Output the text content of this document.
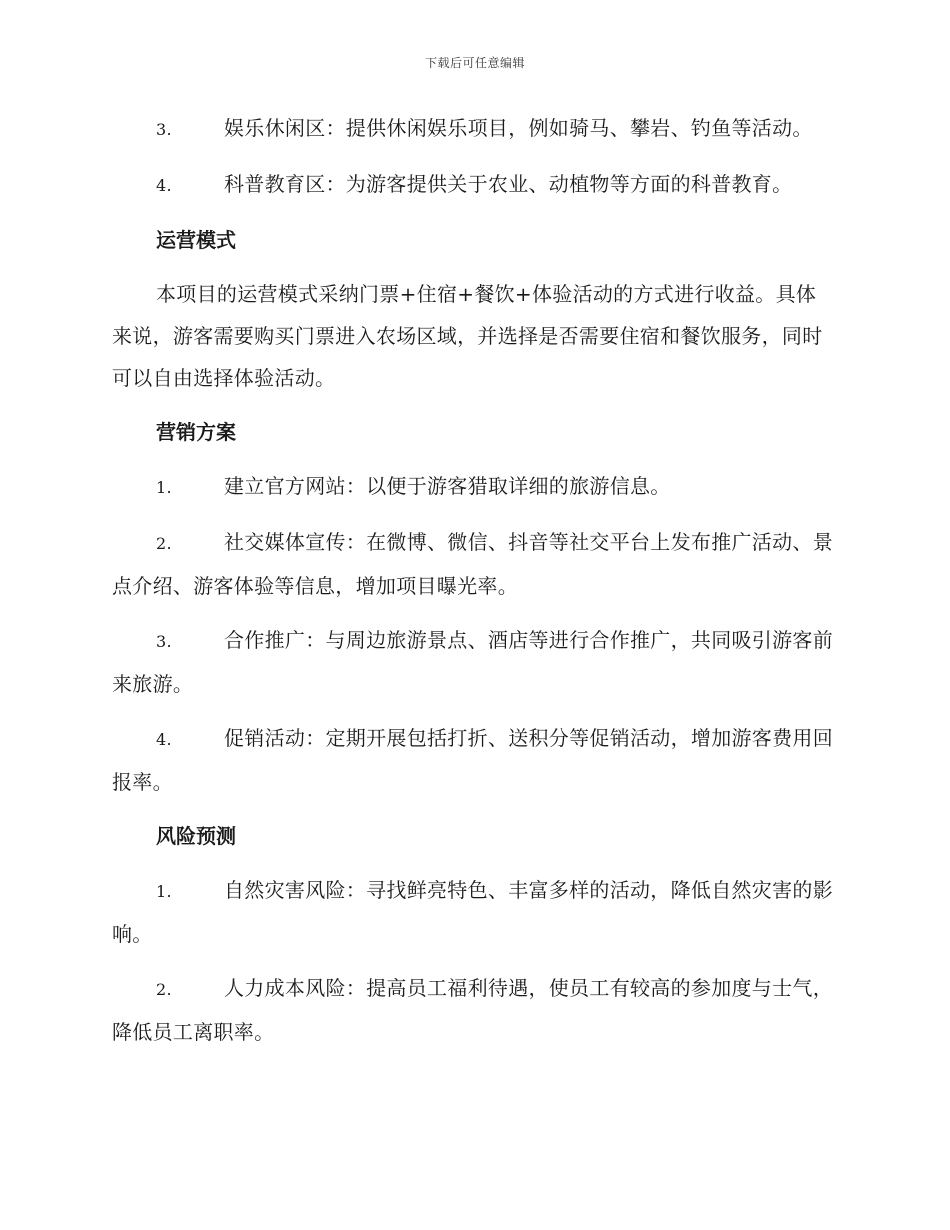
下载后可任意编辑

3.	娱乐休闲区：提供休闲娱乐项目，例如骑马、攀岩、钓鱼等活动。

4.	科普教育区：为游客提供关于农业、动植物等方面的科普教育。

运营模式

本项目的运营模式采纳门票+住宿+餐饮+体验活动的方式进行收益。具体来说，游客需要购买门票进入农场区域，并选择是否需要住宿和餐饮服务，同时可以自由选择体验活动。

营销方案

1.	建立官方网站：以便于游客猎取详细的旅游信息。

2.	社交媒体宣传：在微博、微信、抖音等社交平台上发布推广活动、景点介绍、游客体验等信息，增加项目曝光率。

3.	合作推广：与周边旅游景点、酒店等进行合作推广，共同吸引游客前来旅游。

4.	促销活动：定期开展包括打折、送积分等促销活动，增加游客费用回报率。

风险预测

1.	自然灾害风险：寻找鲜亮特色、丰富多样的活动，降低自然灾害的影响。

2.	人力成本风险：提高员工福利待遇，使员工有较高的参加度与士气，降低员工离职率。
